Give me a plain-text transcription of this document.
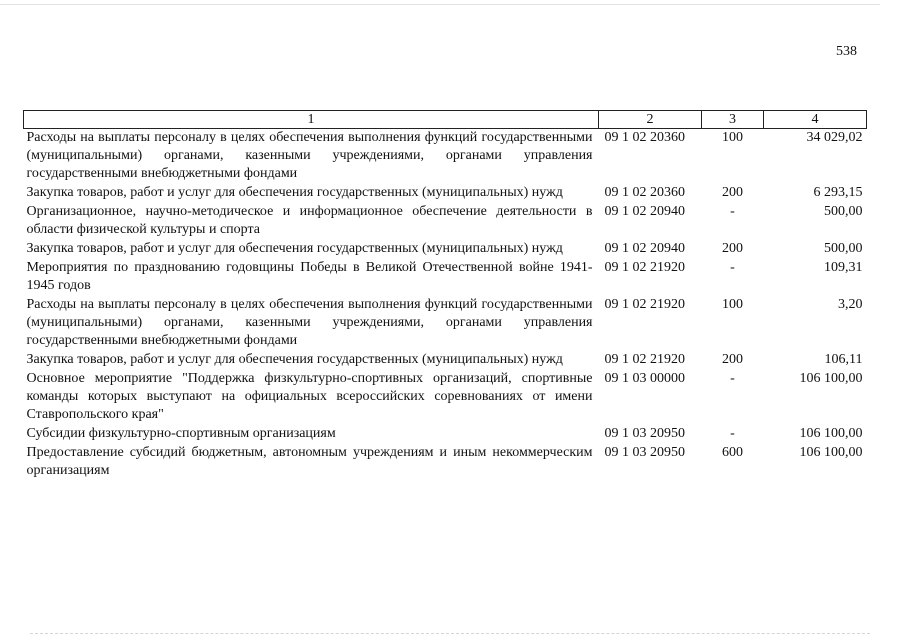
538
1	2	3	4
Расходы на выплаты персоналу в целях обеспечения выполнения функций государственными (муниципальными) органами, казенными учреждениями, органами управления государственными внебюджетными фондами	09 1 02 20360	100	34 029,02
Закупка товаров, работ и услуг для обеспечения государственных (муниципальных) нужд	09 1 02 20360	200	6 293,15
Организационное, научно-методическое и информационное обеспечение деятельности в области физической культуры и спорта	09 1 02 20940	-	500,00
Закупка товаров, работ и услуг для обеспечения государственных (муниципальных) нужд	09 1 02 20940	200	500,00
Мероприятия по празднованию годовщины Победы в Великой Отечественной войне 1941-1945 годов	09 1 02 21920	-	109,31
Расходы на выплаты персоналу в целях обеспечения выполнения функций государственными (муниципальными) органами, казенными учреждениями, органами управления государственными внебюджетными фондами	09 1 02 21920	100	3,20
Закупка товаров, работ и услуг для обеспечения государственных (муниципальных) нужд	09 1 02 21920	200	106,11
Основное мероприятие "Поддержка физкультурно-спортивных организаций, спортивные команды которых выступают на официальных всероссийских соревнованиях от имени Ставропольского края"	09 1 03 00000	-	106 100,00
Субсидии физкультурно-спортивным организациям	09 1 03 20950	-	106 100,00
Предоставление субсидий бюджетным, автономным учреждениям и иным некоммерческим организациям	09 1 03 20950	600	106 100,00
